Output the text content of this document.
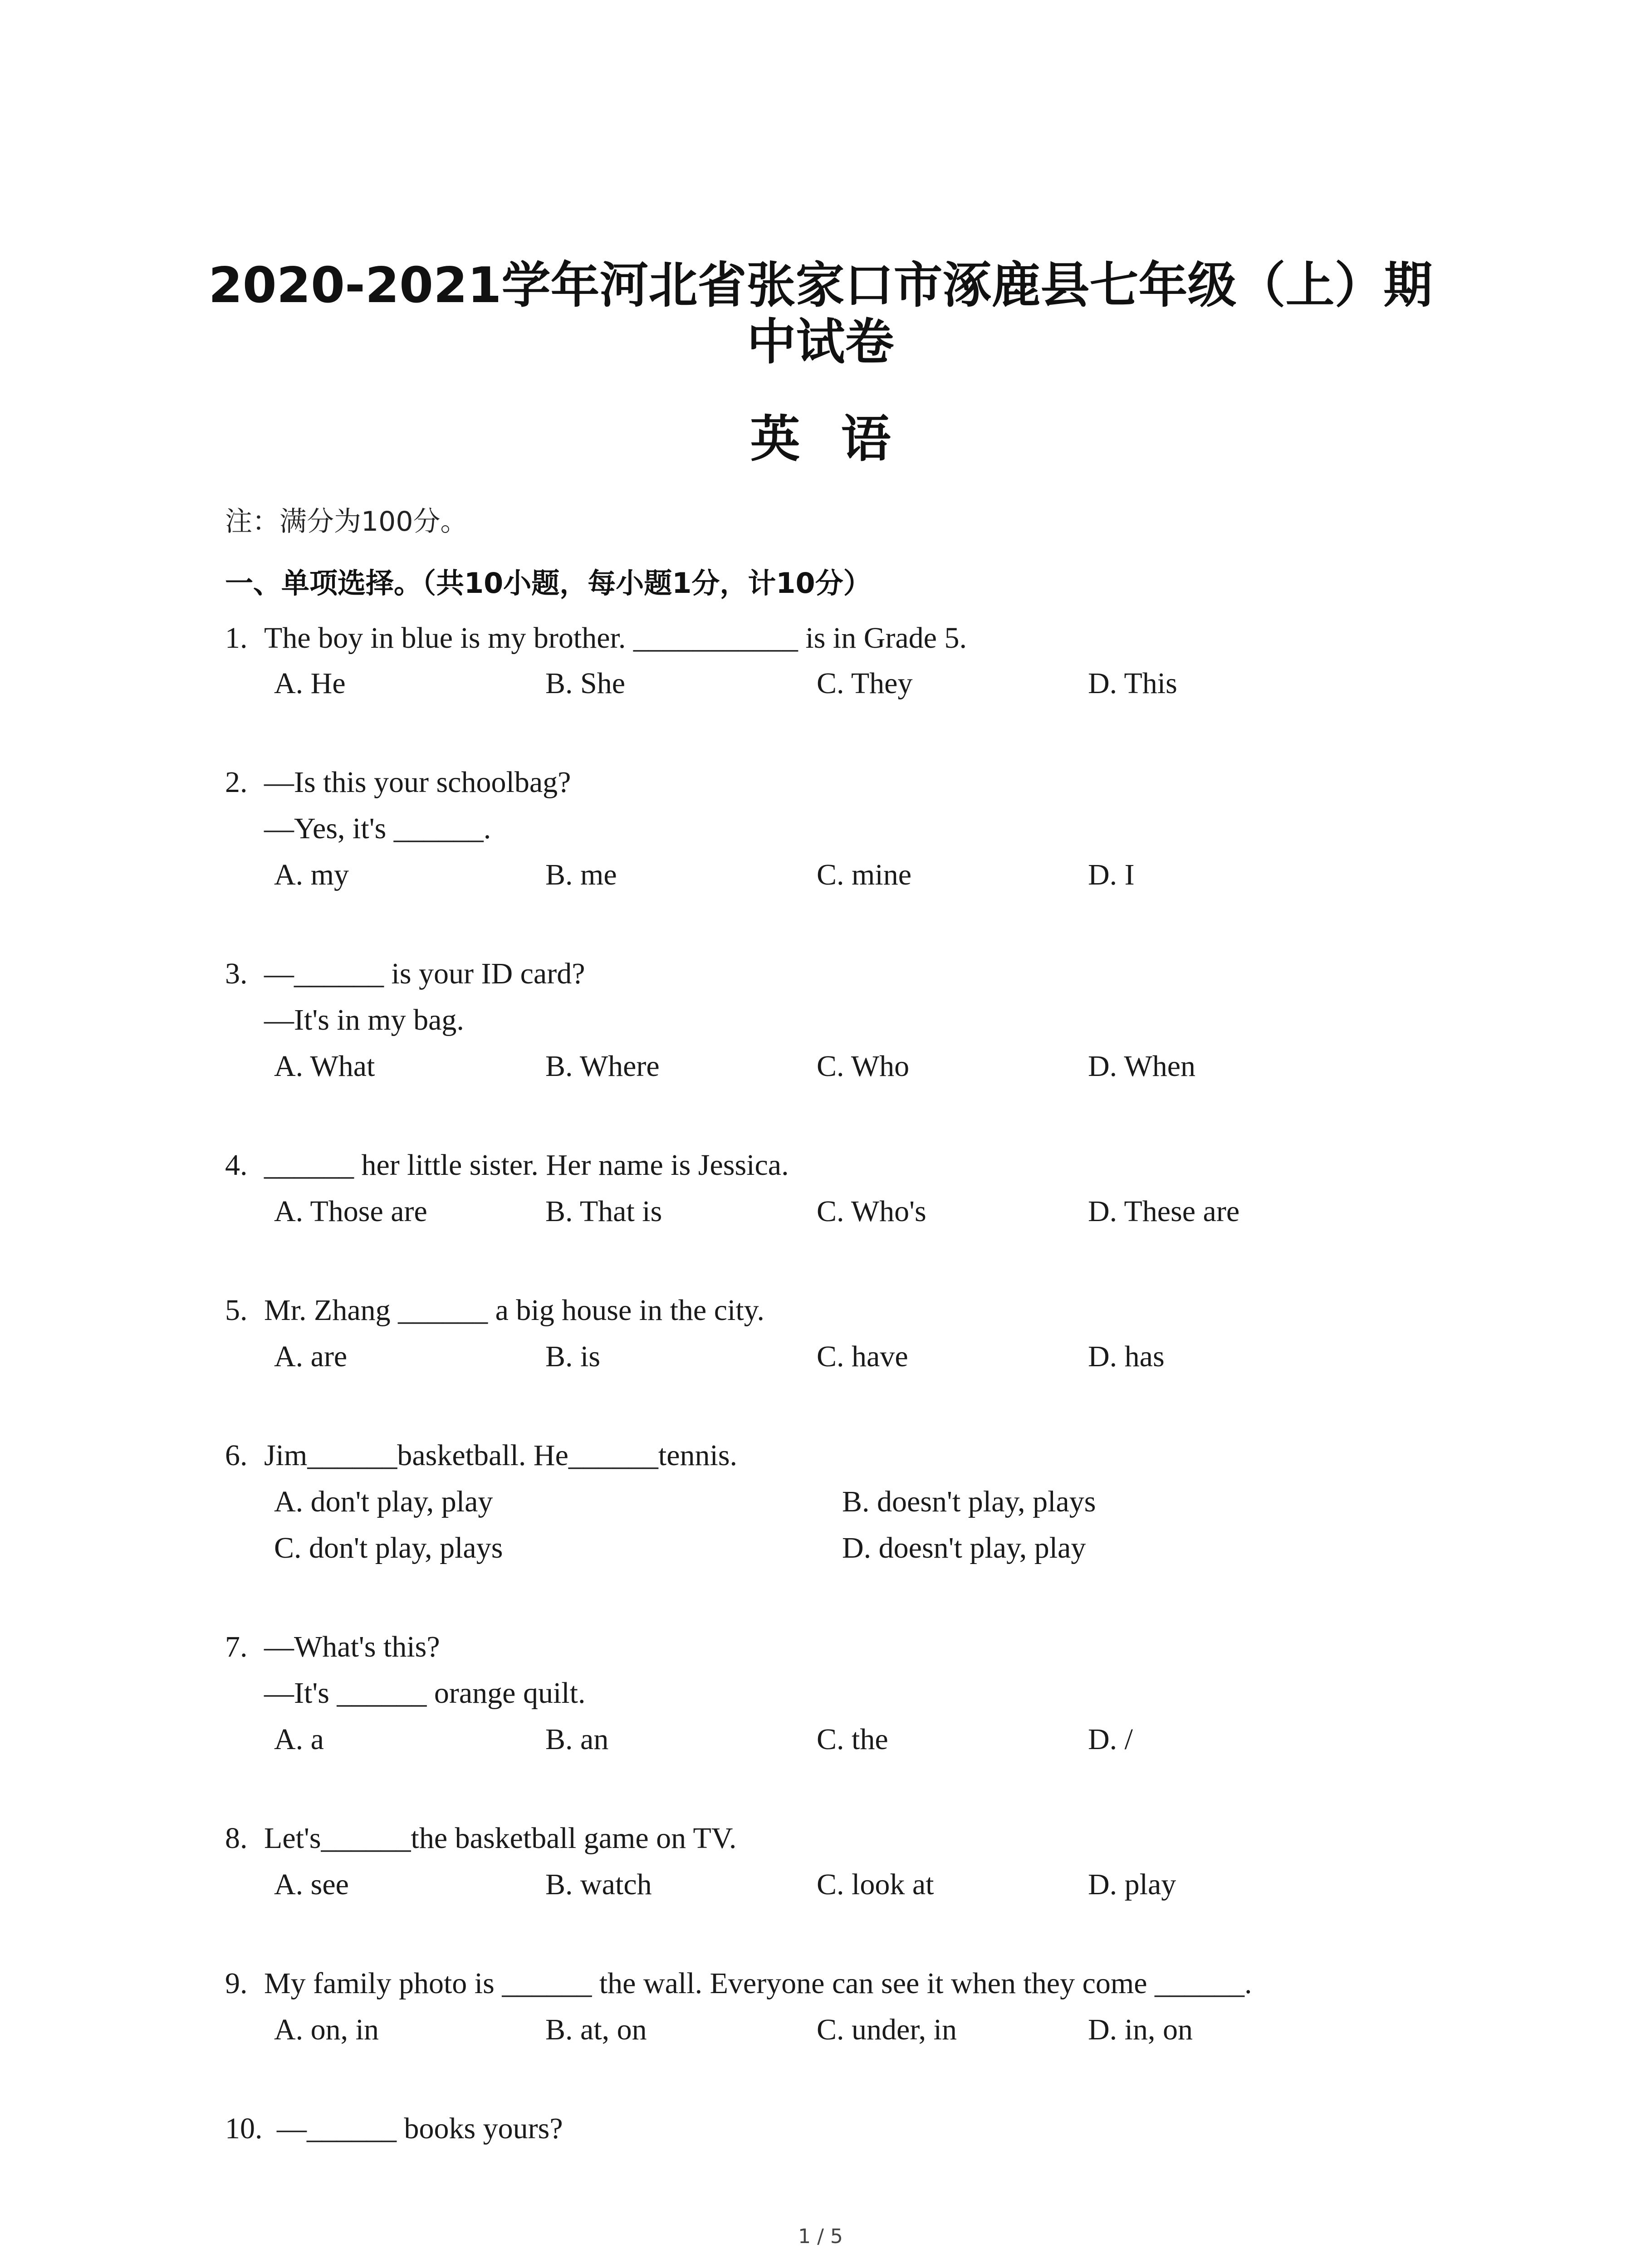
2020-2021学年河北省张家口市涿鹿县七年级（上）期
中试卷
英语
注：满分为100分。
一、单项选择。（共10小题，每小题1分，计10分）
1. The boy in blue is my brother. ___________ is in Grade 5.
A. He	B. She	C. They	D. This
2. —Is this your schoolbag?
—Yes, it's ______.
A. my	B. me	C. mine	D. I
3. —______ is your ID card?
—It's in my bag.
A. What	B. Where	C. Who	D. When
4. ______ her little sister. Her name is Jessica.
A. Those are	B. That is	C. Who's	D. These are
5. Mr. Zhang ______ a big house in the city.
A. are	B. is	C. have	D. has
6. Jim______basketball. He______tennis.
A. don't play, play	B. doesn't play, plays
C. don't play, plays	D. doesn't play, play
7. —What's this?
—It's ______ orange quilt.
A. a	B. an	C. the	D. /
8. Let's______the basketball game on TV.
A. see	B. watch	C. look at	D. play
9. My family photo is ______ the wall. Everyone can see it when they come ______.
A. on, in	B. at, on	C. under, in	D. in, on
10. —______ books yours?
1 / 5
